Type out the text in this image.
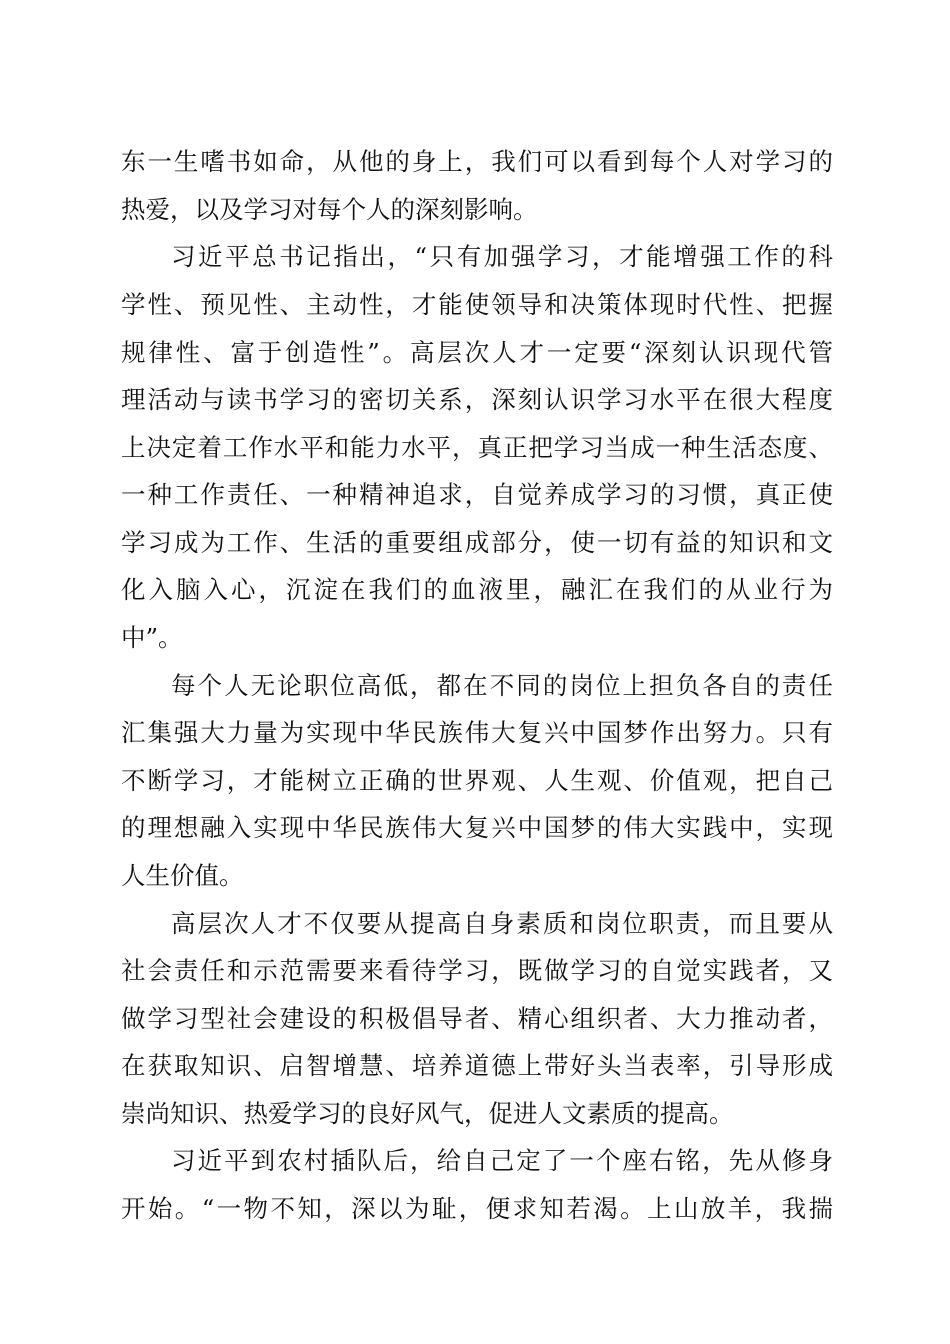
东一生嗜书如命，从他的身上，我们可以看到每个人对学习的
热爱，以及学习对每个人的深刻影响。
习近平总书记指出，“只有加强学习，才能增强工作的科
学性、预见性、主动性，才能使领导和决策体现时代性、把握
规律性、富于创造性”。高层次人才一定要“深刻认识现代管
理活动与读书学习的密切关系，深刻认识学习水平在很大程度
上决定着工作水平和能力水平，真正把学习当成一种生活态度、
一种工作责任、一种精神追求，自觉养成学习的习惯，真正使
学习成为工作、生活的重要组成部分，使一切有益的知识和文
化入脑入心，沉淀在我们的血液里，融汇在我们的从业行为
中”。
每个人无论职位高低，都在不同的岗位上担负各自的责任
汇集强大力量为实现中华民族伟大复兴中国梦作出努力。只有
不断学习，才能树立正确的世界观、人生观、价值观，把自己
的理想融入实现中华民族伟大复兴中国梦的伟大实践中，实现
人生价值。
高层次人才不仅要从提高自身素质和岗位职责，而且要从
社会责任和示范需要来看待学习，既做学习的自觉实践者，又
做学习型社会建设的积极倡导者、精心组织者、大力推动者，
在获取知识、启智增慧、培养道德上带好头当表率，引导形成
崇尚知识、热爱学习的良好风气，促进人文素质的提高。
习近平到农村插队后，给自己定了一个座右铭，先从修身
开始。“一物不知，深以为耻，便求知若渴。上山放羊，我揣
